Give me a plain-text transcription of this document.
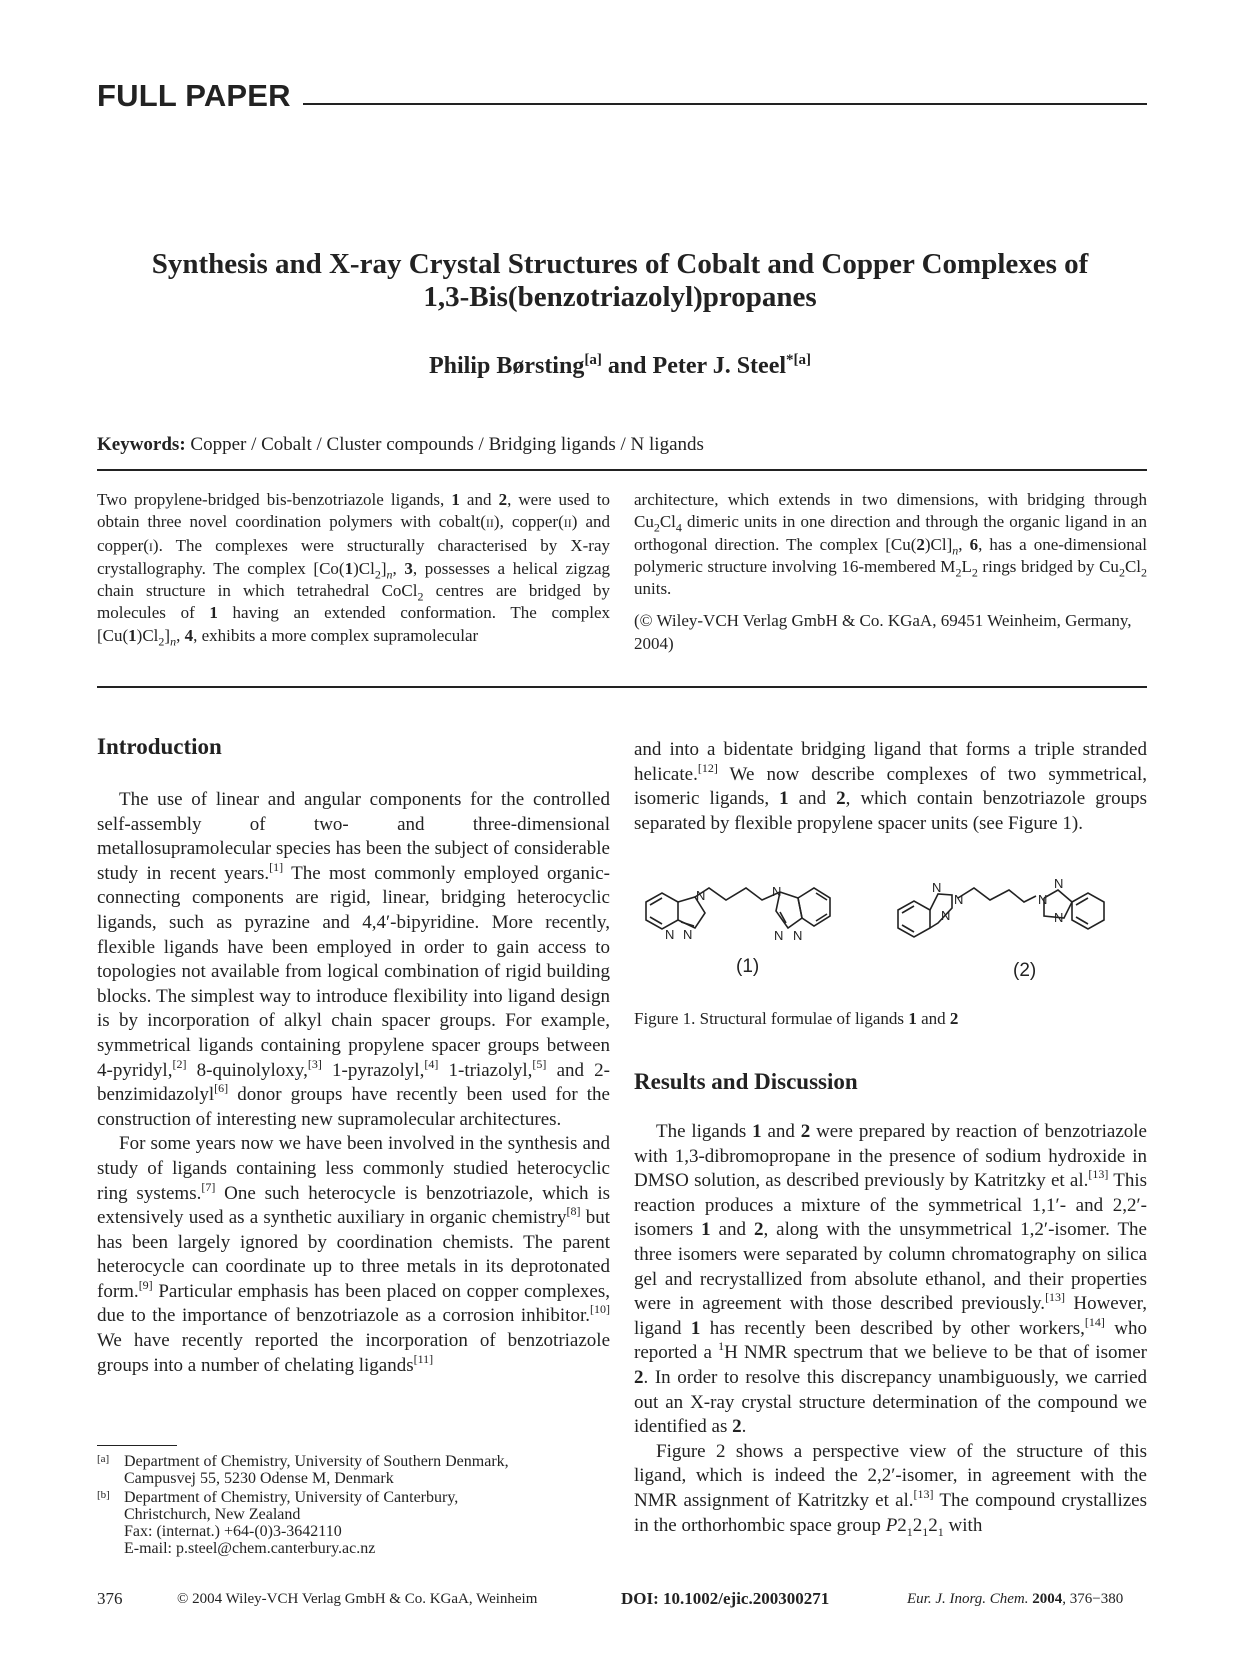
FULL PAPER
Synthesis and X-ray Crystal Structures of Cobalt and Copper Complexes of
1,3-Bis(benzotriazolyl)propanes
Philip Børsting[a] and Peter J. Steel$^{*[a]}$
Keywords: Copper / Cobalt / Cluster compounds / Bridging ligands / N ligands

Two propylene-bridged bis-benzotriazole ligands, 1 and 2, were used to obtain three novel coordination polymers with cobalt(II), copper(II) and copper(I). The complexes were structurally characterised by X-ray crystallography. The complex $[Co(1)Cl_2]_n$, 3, possesses a helical zigzag chain structure in which tetrahedral CoCl$_2$ centres are bridged by molecules of 1 having an extended conformation. The complex $[Cu(1)Cl_2]_n$, 4, exhibits a more complex supramolecular

architecture, which extends in two dimensions, with bridging through $Cu_2Cl_4$ dimeric units in one direction and through the organic ligand in an orthogonal direction. The complex $[Cu(2)Cl]_n$, 6, has a one-dimensional polymeric structure involving 16-membered $M_2L_2$ rings bridged by $Cu_2Cl_2$ units.

(© Wiley-VCH Verlag GmbH & Co. KGaA, 69451 Weinheim, Germany, 2004)

Introduction

The use of linear and angular components for the controlled self-assembly of two- and three-dimensional metallosupramolecular species has been the subject of considerable study in recent years.[1] The most commonly employed organic-connecting components are rigid, linear, bridging heterocyclic ligands, such as pyrazine and 4,4′-bipyridine. More recently, flexible ligands have been employed in order to gain access to topologies not available from logical combination of rigid building blocks. The simplest way to introduce flexibility into ligand design is by incorporation of alkyl chain spacer groups. For example, symmetrical ligands containing propylene spacer groups between 4-pyridyl,[2] 8-quinolyloxy,[3] 1-pyrazolyl,[4] 1-triazolyl,[5] and 2-benzimidazolyl[6] donor groups have recently been used for the construction of interesting new supramolecular architectures.

For some years now we have been involved in the synthesis and study of ligands containing less commonly studied heterocyclic ring systems.[7] One such heterocycle is benzotriazole, which is extensively used as a synthetic auxiliary in organic chemistry[8] but has been largely ignored by coordination chemists. The parent heterocycle can coordinate up to three metals in its deprotonated form.[9] Particular emphasis has been placed on copper complexes, due to the importance of benzotriazole as a corrosion inhibitor.[10] We have recently reported the incorporation of benzotriazole groups into a number of chelating ligands[11]

[a] Department of Chemistry, University of Southern Denmark,
Campusvej 55, 5230 Odense M, Denmark
[b] Department of Chemistry, University of Canterbury,
Christchurch, New Zealand
Fax: (internat.) +64-(0)3-3642110
E-mail: p.steel@chem.canterbury.ac.nz

and into a bidentate bridging ligand that forms a triple stranded helicate.[12] We now describe complexes of two symmetrical, isomeric ligands, 1 and 2, which contain benzotriazole groups separated by flexible propylene spacer units (see Figure 1).

N
N N
N
N N
N
N
N
N
N
N
(1)	(2)
Figure 1. Structural formulae of ligands 1 and 2
Results and Discussion

The ligands 1 and 2 were prepared by reaction of benzotriazole with 1,3-dibromopropane in the presence of sodium hydroxide in DMSO solution, as described previously by Katritzky et al.[13] This reaction produces a mixture of the symmetrical 1,1′- and 2,2′-isomers 1 and 2, along with the unsymmetrical 1,2′-isomer. The three isomers were separated by column chromatography on silica gel and recrystallized from absolute ethanol, and their properties were in agreement with those described previously.[13] However, ligand 1 has recently been described by other workers,[14] who reported a $^1$H NMR spectrum that we believe to be that of isomer 2. In order to resolve this discrepancy unambiguously, we carried out an X-ray crystal structure determination of the compound we identified as 2.

Figure 2 shows a perspective view of the structure of this ligand, which is indeed the 2,2′-isomer, in agreement with the NMR assignment of Katritzky et al.[13] The compound crystallizes in the orthorhombic space group $P2_12_12_1$ with

376	© 2004 Wiley-VCH Verlag GmbH & Co. KGaA, Weinheim	DOI: 10.1002/ejic.200300271	Eur. J. Inorg. Chem. 2004, 376−380
